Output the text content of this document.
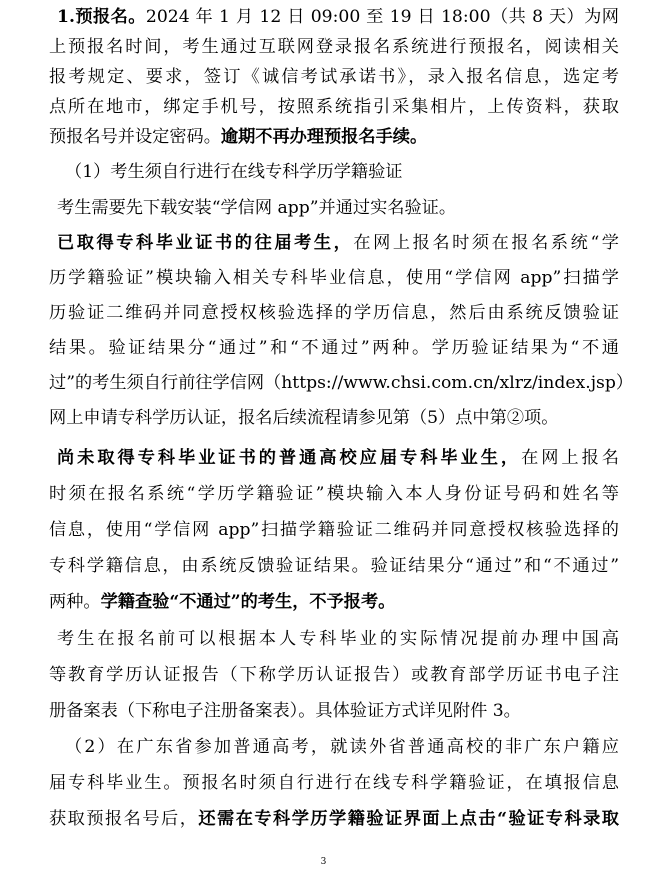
1.预报名。2024 年 1 月 12 日 09:00 至 19 日 18:00（共 8 天）为网
上预报名时间，考生通过互联网登录报名系统进行预报名，阅读相关
报考规定、要求，签订《诚信考试承诺书》，录入报名信息，选定考
点所在地市，绑定手机号，按照系统指引采集相片，上传资料，获取
预报名号并设定密码。逾期不再办理预报名手续。
（1）考生须自行进行在线专科学历学籍验证
考生需要先下载安装“学信网 app”并通过实名验证。
已取得专科毕业证书的往届考生，在网上报名时须在报名系统“学
历学籍验证”模块输入相关专科毕业信息，使用“学信网 app”扫描学
历验证二维码并同意授权核验选择的学历信息，然后由系统反馈验证
结果。验证结果分“通过”和“不通过”两种。学历验证结果为“不通
过”的考生须自行前往学信网（https://www.chsi.com.cn/xlrz/index.jsp）
网上申请专科学历认证，报名后续流程请参见第（5）点中第②项。
尚未取得专科毕业证书的普通高校应届专科毕业生，在网上报名
时须在报名系统“学历学籍验证”模块输入本人身份证号码和姓名等
信息，使用“学信网 app”扫描学籍验证二维码并同意授权核验选择的
专科学籍信息，由系统反馈验证结果。验证结果分“通过”和“不通过”
两种。学籍查验“不通过”的考生，不予报考。
考生在报名前可以根据本人专科毕业的实际情况提前办理中国高
等教育学历认证报告（下称学历认证报告）或教育部学历证书电子注
册备案表（下称电子注册备案表）。具体验证方式详见附件 3。
（2）在广东省参加普通高考，就读外省普通高校的非广东户籍应
届专科毕业生。预报名时须自行进行在线专科学籍验证，在填报信息
获取预报名号后，还需在专科学历学籍验证界面上点击“验证专科录取
3
